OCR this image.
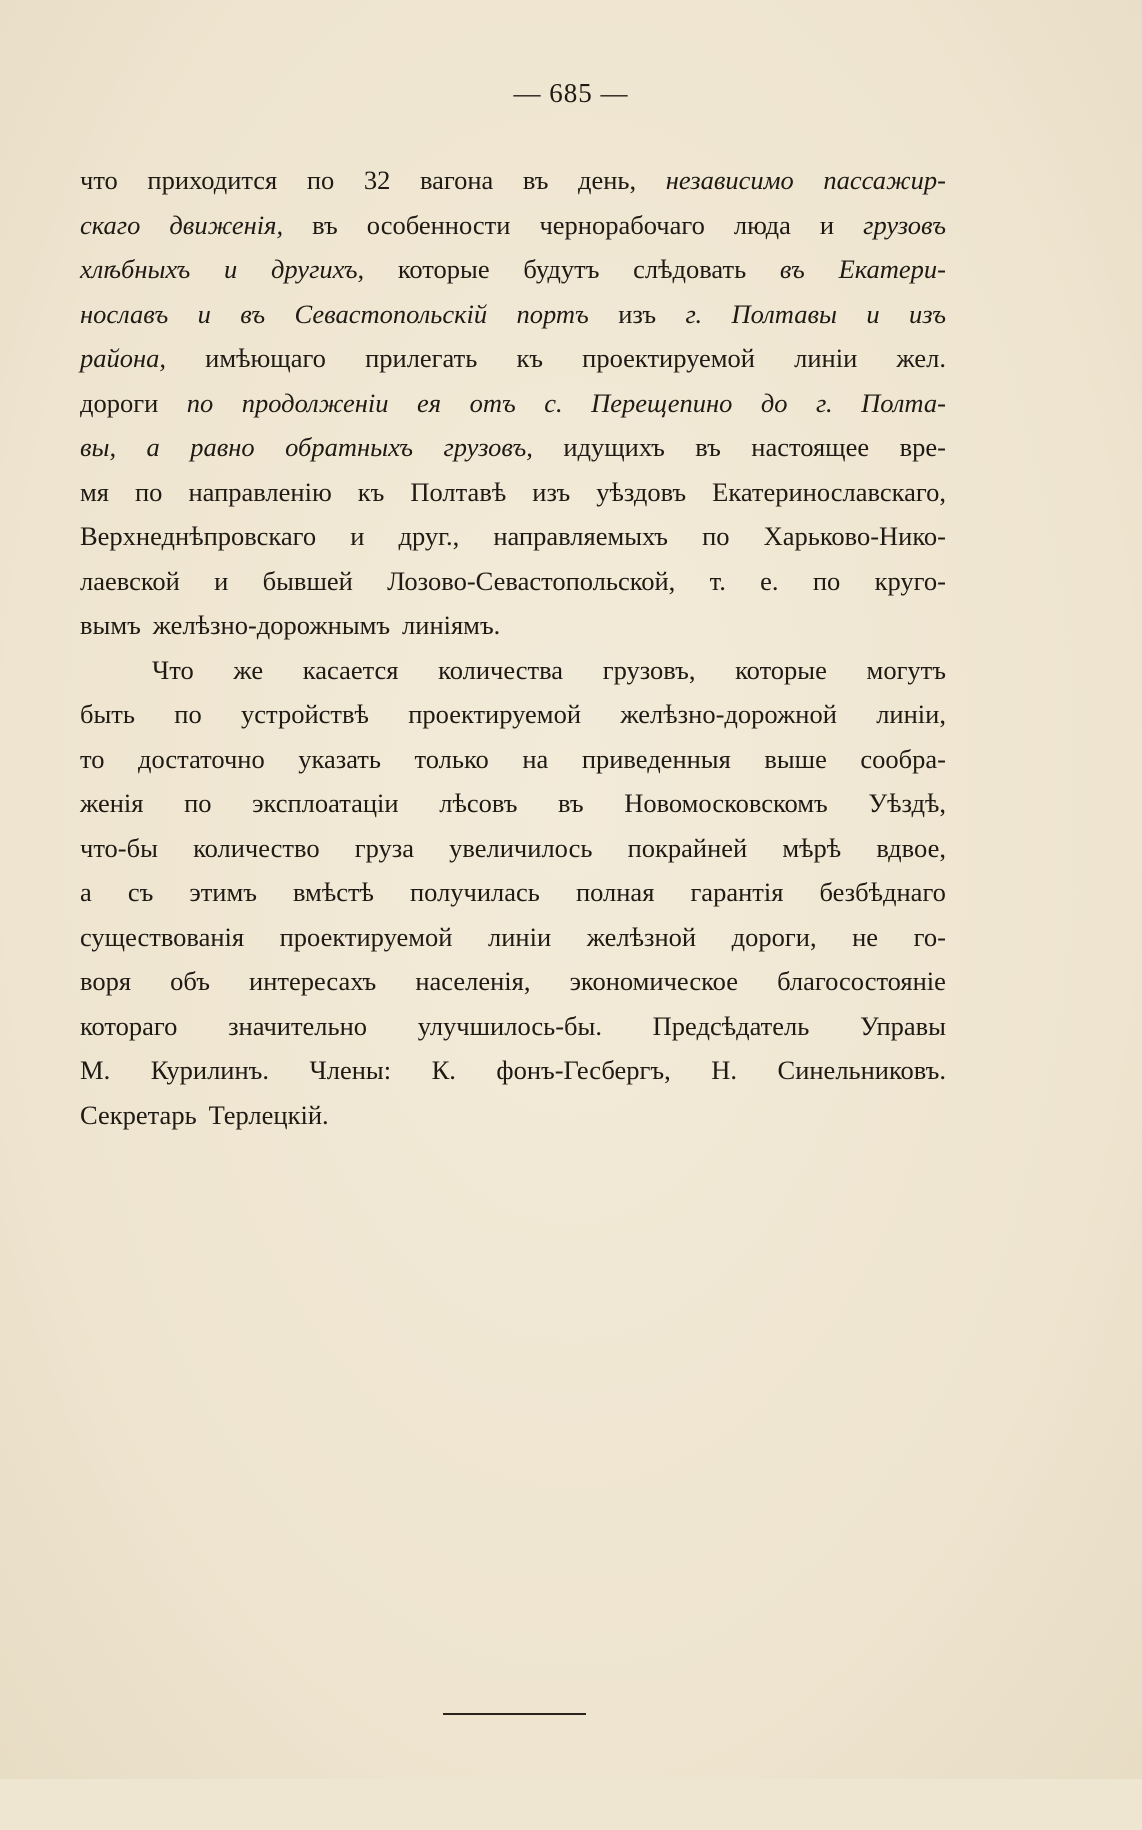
— 685 —
что приходится по 32 вагона въ день, независимо пассажир-
скаго движенія, въ особенности чернорабочаго люда и грузовъ
хлѣбныхъ и другихъ, которые будутъ слѣдовать въ Екатери-
нославъ и въ Севастопольскій портъ изъ г. Полтавы и изъ
района, имѣющаго прилегать къ проектируемой линіи жел.
дороги по продолженіи ея отъ с. Перещепино до г. Полта-
вы, а равно обратныхъ грузовъ, идущихъ въ настоящее вре-
мя по направленію къ Полтавѣ изъ уѣздовъ Екатеринославскаго,
Верхнеднѣпровскаго и друг., направляемыхъ по Харьково-Нико-
лаевской и бывшей Лозово-Севастопольской, т. е. по круго-
вымъ желѣзно-дорожнымъ линіямъ.
Что же касается количества грузовъ, которые могутъ
быть по устройствѣ проектируемой желѣзно-дорожной линіи,
то достаточно указать только на приведенныя выше сообра-
женія по эксплоатаціи лѣсовъ въ Новомосковскомъ Уѣздѣ,
что-бы количество груза увеличилось покрайней мѣрѣ вдвое,
а съ этимъ вмѣстѣ получилась полная гарантія безбѣднаго
существованія проектируемой линіи желѣзной дороги, не го-
воря объ интересахъ населенія, экономическое благосостояніе
котораго значительно улучшилось-бы. Предсѣдатель Управы
М. Курилинъ. Члены: К. фонъ-Гесбергъ, Н. Синельниковъ.
Секретарь Терлецкій.
